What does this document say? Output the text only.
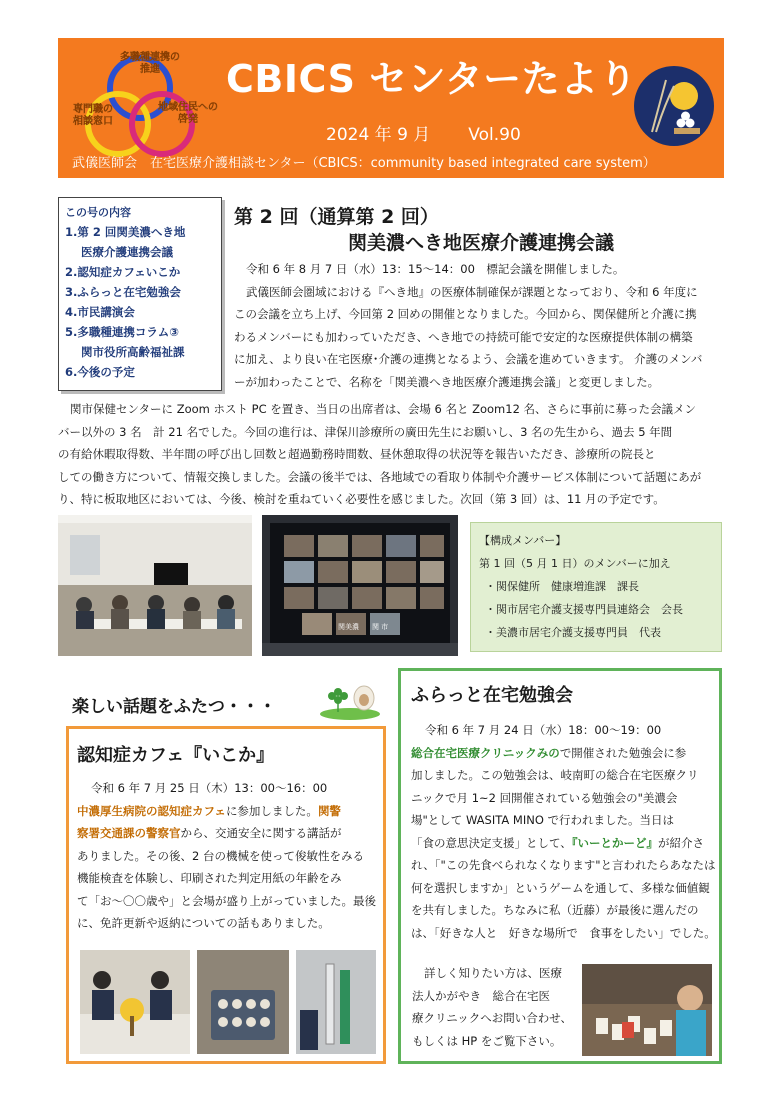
多職種連携の
推進
専門職の
相談窓口
地域住民への
啓発
CBICS センターたより
2024 年 9 月 Vol.90
武儀医師会　在宅医療介護相談センター（CBICS：community based integrated care system）
この号の内容
1.第 2 回関美濃へき地
医療介護連携会議
2.認知症カフェいこか
3.ふらっと在宅勉強会
4.市民講演会
5.多職種連携コラム③
関市役所高齢福祉課
6.今後の予定
第 2 回（通算第 2 回）
関美濃へき地医療介護連携会議

令和 6 年 8 月 7 日（水）13：15〜14：00　標記会議を開催しました。

武儀医師会圏域における『へき地』の医療体制確保が課題となっており、令和 6 年度に

この会議を立ち上げ、今回第 2 回めの開催となりました。今回から、関保健所と介護に携

わるメンバーにも加わっていただき、へき地での持続可能で安定的な医療提供体制の構築

に加え、より良い在宅医療･介護の連携となるよう、会議を進めていきます。 介護のメンバ

ーが加わったことで、名称を「関美濃へき地医療介護連携会議」と変更しました。

関市保健センターに Zoom ホスト PC を置き、当日の出席者は、会場 6 名と Zoom12 名、さらに事前に募った会議メン

バー以外の 3 名　計 21 名でした。今回の進行は、津保川診療所の廣田先生にお願いし、3 名の先生から、過去 5 年間

の有給休暇取得数、半年間の呼び出し回数と超過勤務時間数、昼休憩取得の状況等を報告いただき、診療所の院長と

しての働き方について、情報交換しました。会議の後半では、各地域での看取り体制や介護サービス体制について話題にあが

り、特に板取地区においては、今後、検討を重ねていく必要性を感じました。次回（第 3 回）は、11 月の予定です。

関美濃 関 市

【構成メンバー】

第 1 回（5 月 1 日）のメンバーに加え

・関保健所　健康増進課　課長

・関市居宅介護支援専門員連絡会　会長

・美濃市居宅介護支援専門員　代表

楽しい話題をふたつ・・・
認知症カフェ『いこか』

令和 6 年 7 月 25 日（木）13：00〜16：00

中濃厚生病院の認知症カフェに参加しました。関警

察署交通課の警察官から、交通安全に関する講話が

ありました。その後、2 台の機械を使って俊敏性をみる

機能検査を体験し、印刷された判定用紙の年齢をみ

て「お〜〇〇歳や」と会場が盛り上がっていました。最後

に、免許更新や返納についての話もありました。

ふらっと在宅勉強会

令和 6 年 7 月 24 日（水）18：00〜19：00

総合在宅医療クリニックみので開催された勉強会に参

加しました。この勉強会は、岐南町の総合在宅医療クリ

ニックで月 1~2 回開催されている勉強会の"美濃会

場"として WASITA MINO で行われました。当日は

「食の意思決定支援」として、『いーとかーど』が紹介さ

れ、「"この先食べられなくなります"と言われたらあなたは

何を選択しますか」というゲームを通して、多様な価値観

を共有しました。ちなみに私（近藤）が最後に選んだの

は、「好きな人と　好きな場所で　食事をしたい」でした。

詳しく知りたい方は、医療

法人かがやき　総合在宅医

療クリニックへお問い合わせ、

もしくは HP をご覧下さい。
